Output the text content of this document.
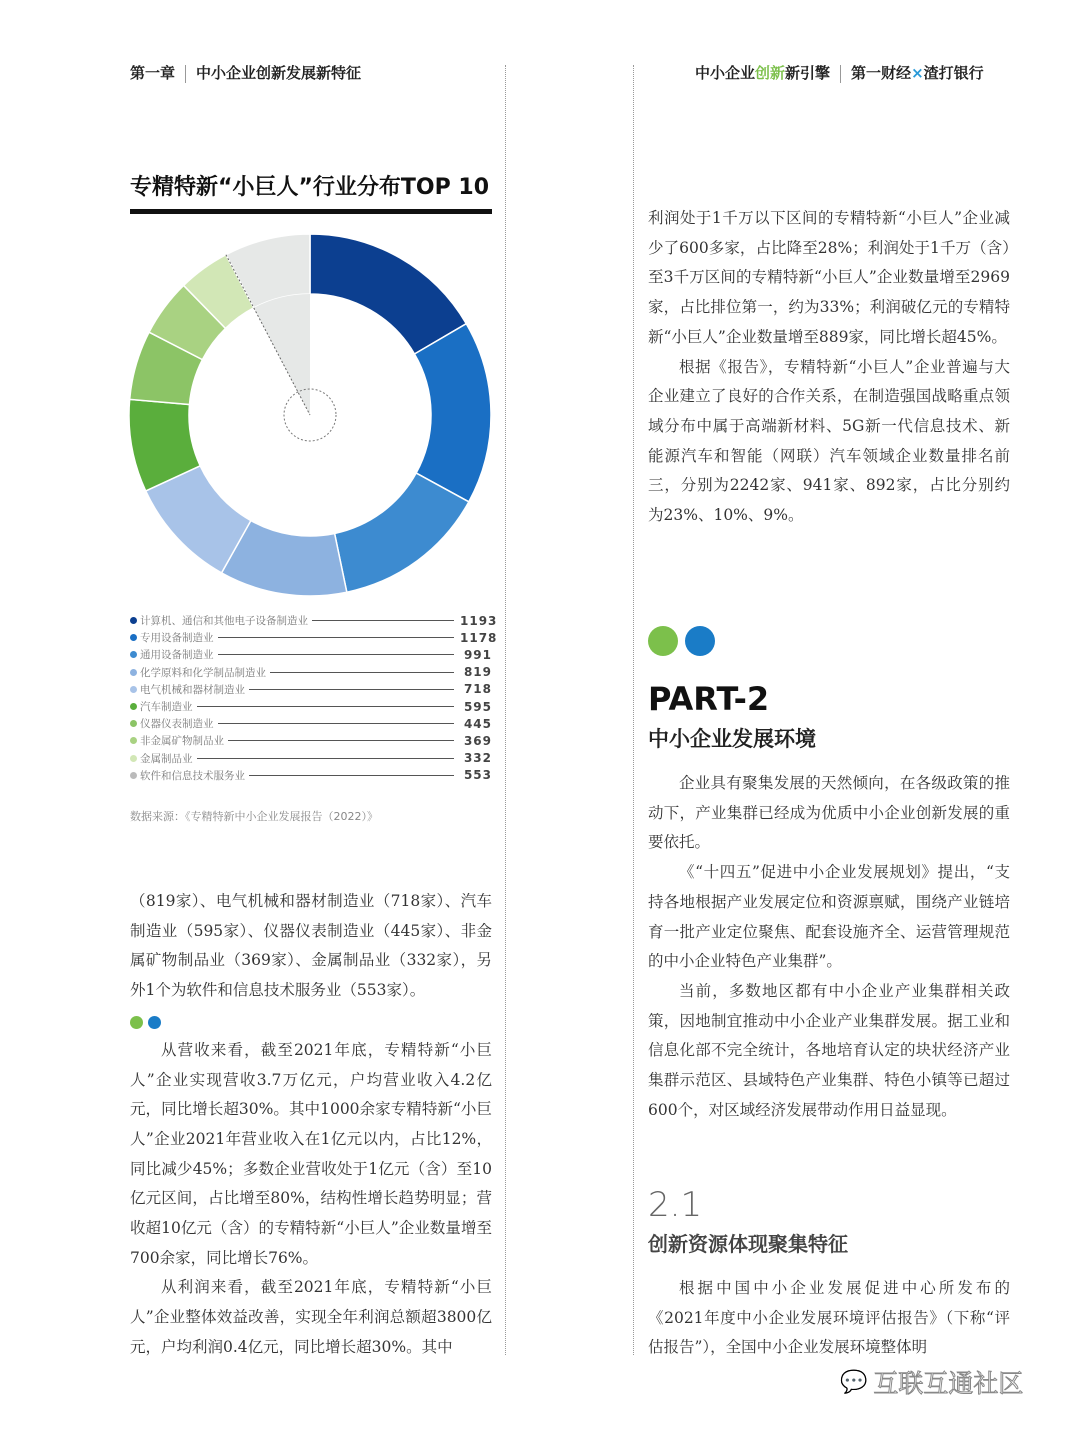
第一章 中小企业创新发展新特征	中小企业创新新引擎 第一财经×渣打银行
专精特新“小巨人”行业分布TOP 10
计算机、通信和其他电子设备制造业	1193
专用设备制造业	1178
通用设备制造业	991
化学原料和化学制品制造业	819
电气机械和器材制造业	718
汽车制造业	595
仪器仪表制造业	445
非金属矿物制品业	369
金属制品业	332
软件和信息技术服务业	553
数据来源：《专精特新中小企业发展报告（2022）》

（819家）、电气机械和器材制造业（718家）、汽车制造业（595家）、仪器仪表制造业（445家）、非金属矿物制品业（369家）、金属制品业（332家），另外1个为软件和信息技术服务业（553家）。

从营收来看，截至2021年底，专精特新“小巨人”企业实现营收3.7万亿元，户均营业收入4.2亿元，同比增长超30%。其中1000余家专精特新“小巨人”企业2021年营业收入在1亿元以内，占比12%，同比减少45%；多数企业营收处于1亿元（含）至10亿元区间，占比增至80%，结构性增长趋势明显；营收超10亿元（含）的专精特新“小巨人”企业数量增至700余家，同比增长76%。

从利润来看，截至2021年底，专精特新“小巨人”企业整体效益改善，实现全年利润总额超3800亿元，户均利润0.4亿元，同比增长超30%。其中

利润处于1千万以下区间的专精特新“小巨人”企业减少了600多家，占比降至28%；利润处于1千万（含）至3千万区间的专精特新“小巨人”企业数量增至2969家，占比排位第一，约为33%；利润破亿元的专精特新“小巨人”企业数量增至889家，同比增长超45%。

根据《报告》，专精特新“小巨人”企业普遍与大企业建立了良好的合作关系，在制造强国战略重点领域分布中属于高端新材料、5G新一代信息技术、新能源汽车和智能（网联）汽车领域企业数量排名前三，分别为2242家、941家、892家，占比分别约为23%、10%、9%。

PART-2
中小企业发展环境

企业具有聚集发展的天然倾向，在各级政策的推动下，产业集群已经成为优质中小企业创新发展的重要依托。

《“十四五”促进中小企业发展规划》提出，“支持各地根据产业发展定位和资源禀赋，围绕产业链培育一批产业定位聚焦、配套设施齐全、运营管理规范的中小企业特色产业集群”。

当前，多数地区都有中小企业产业集群相关政策，因地制宜推动中小企业产业集群发展。据工业和信息化部不完全统计，各地培育认定的块状经济产业集群示范区、县域特色产业集群、特色小镇等已超过600个，对区域经济发展带动作用日益显现。

2.1
创新资源体现聚集特征

根据中国中小企业发展促进中心所发布的《2021年度中小企业发展环境评估报告》（下称“评估报告”），全国中小企业发展环境整体明

💬 互联互通社区
